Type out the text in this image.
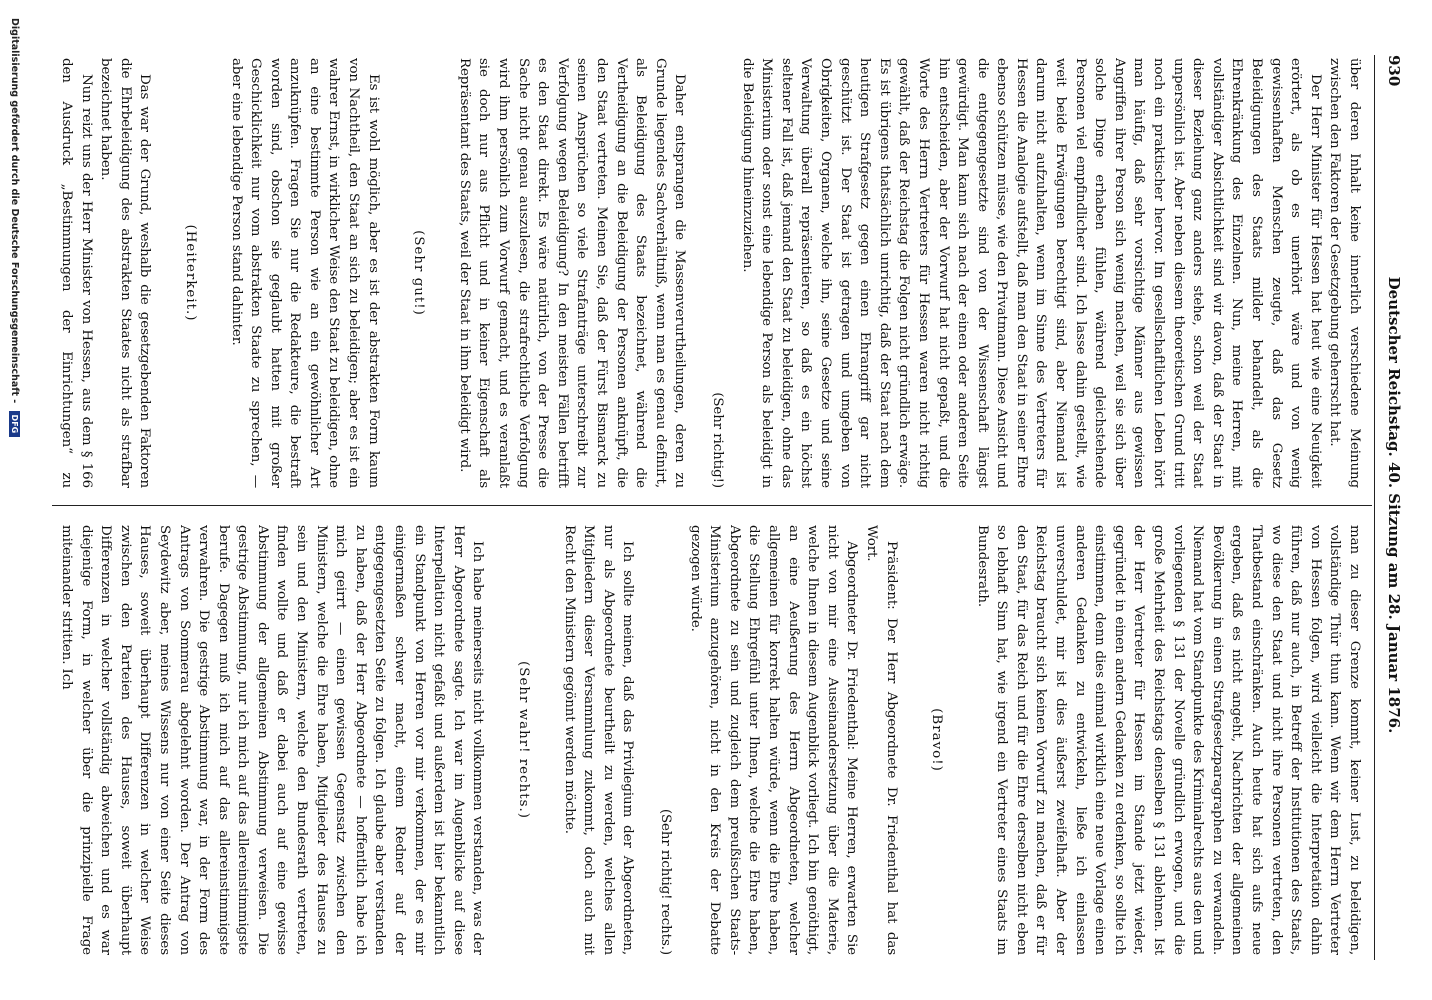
930
Deutscher Reichstag. 40. Sitzung am 28. Januar 1876.

über deren Inhalt keine innerlich verschiedene Meinung zwischen den Faktoren der Gesetzgebung geherrscht hat.

Der Herr Minister für Hessen hat heut wie eine Neuigkeit erörtert, als ob es unerhört wäre und von wenig gewissenhaften Menschen zeugte, daß das Gesetz Beleidigungen des Staats milder behandelt, als die Ehrenkränkung des Einzelnen. Nun, meine Herren, mit vollständiger Absichtlichkeit sind wir davon, daß der Staat in dieser Beziehung ganz anders stehe, schon weil der Staat unpersönlich ist. Aber neben diesem theoretischen Grund tritt noch ein praktischer hervor. Im gesellschaftlichen Leben hört man häufig, daß sehr vorsichtige Männer aus gewissen Angriffen ihrer Person sich wenig machen, weil sie sich über solche Dinge erhaben fühlen, während gleichstehende Personen viel empfindlicher sind. Ich lasse dahin gestellt, wie weit beide Erwägungen berechtigt sind, aber Niemand ist darum nicht aufzuhalten, wenn im Sinne des Vertreters für Hessen die Analogie aufstellt, daß man den Staat in seiner Ehre ebenso schützen müsse, wie den Privatmann. Diese Ansicht und die entgegengesetzte sind von der Wissenschaft längst gewürdigt. Man kann sich nach der einen oder anderen Seite hin entscheiden, aber der Vorwurf hat nicht gepaßt, und die Worte des Herrn Vertreters für Hessen waren nicht richtig gewählt, daß der Reichstag die Folgen nicht gründlich erwäge. Es ist übrigens thatsächlich unrichtig, daß der Staat nach dem heutigen Strafgesetz gegen einen Ehrangriff gar nicht geschützt ist. Der Staat ist getragen und umgeben von Obrigkeiten, Organen, welche ihn, seine Gesetze und seine Verwaltung überall repräsentieren, so daß es ein höchst seltener Fall ist, daß jemand den Staat zu beleidigen, ohne das Ministerium oder sonst eine lebendige Person als beleidigt in die Beleidigung hineinzuziehen.

(Sehr richtig!)

Daher entsprangen die Massenverurtheilungen, deren zu Grunde liegendes Sachverhältniß, wenn man es genau definirt, als Beleidigung des Staats bezeichnet, während die Vertheidigung an die Beleidigung der Personen anknüpft, die den Staat vertreten. Meinen Sie, daß der Fürst Bismarck zu seinen Ansprüchen so viele Strafanträge unterschreibt zur Verfolgung wegen Beleidigung? In den meisten Fällen betrifft es den Staat direkt. Es wäre natürlich, von der Presse die Sache nicht genau auszulesen, die strafrechtliche Verfolgung wird ihm persönlich zum Vorwurf gemacht, und es veranlaßt sie doch nur aus Pflicht und in keiner Eigenschaft als Repräsentant des Staats, weil der Staat in ihm beleidigt wird.

(Sehr gut!)

Es ist wohl möglich, aber es ist der abstrakten Form kaum von Nachtheil, den Staat an sich zu beleidigen; aber es ist ein wahrer Ernst, in wirklicher Weise den Staat zu beleidigen, ohne an eine bestimmte Person wie an ein gewöhnlicher Art anzuknüpfen. Fragen Sie nur die Redakteure, die bestraft worden sind, obschon sie geglaubt hatten mit großer Geschicklichkeit nur vom abstrakten Staate zu sprechen, — aber eine lebendige Person stand dahinter.

(Heiterkeit.)

Das war der Grund, weshalb die gesetzgebenden Faktoren die Ehrbeleidigung des abstrakten Staates nicht als strafbar bezeichnet haben.

Nun reizt uns der Herr Minister von Hessen, aus dem § 166 den Ausdruck „Bestimmungen der Einrichtungen“ zu

man zu dieser Grenze kommt, keiner Lust, zu beleidigen, vollständige Thür thun kann. Wenn wir dem Herrn Vertreter von Hessen folgen, wird vielleicht die Interpretation dahin führen, daß nur auch, in Betreff der Institutionen des Staats, wo diese den Staat und nicht ihre Personen vertreten, den Thatbestand einschränken. Auch heute hat sich aufs neue ergeben, daß es nicht angeht, Nachrichten der allgemeinen Bevölkerung in einen Strafgesetzparagraphen zu verwandeln. Niemand hat vom Standpunkte des Kriminalrechts aus den und vorliegenden § 131 der Novelle gründlich erwogen, und die große Mehrheit des Reichstags denselben § 131 ablehnen. Ist der Herr Vertreter für Hessen im Stande jetzt wieder, gegründet in einen andern Gedanken zu erdenken, so sollte ich einstimmen, denn dies einmal wirklich eine neue Vorlage einen anderen Gedanken zu entwickeln, ließe ich einlassen unverschuldet, mir ist dies äußerst zweifelhaft. Aber der Reichstag braucht sich keinen Vorwurf zu machen, daß er für den Staat, für das Reich und für die Ehre derselben nicht eben so lebhaft Sinn hat, wie irgend ein Vertreter eines Staats im Bundesrath.

(Bravo!)

Präsident: Der Herr Abgeordnete Dr. Friedenthal hat das Wort.

Abgeordneter Dr. Friedenthal: Meine Herren, erwarten Sie nicht von mir eine Auseinandersetzung über die Materie, welche Ihnen in diesem Augenblick vorliegt. Ich bin genöthigt, an eine Aeußerung des Herrn Abgeordneten, welcher allgemeinen für korrekt halten würde, wenn die Ehre haben, die Stellung Ehrgefühl unter Ihnen, welche die Ehre haben, Abgeordnete zu sein und zugleich dem preußischen Staats-Ministerium anzugehören, nicht in den Kreis der Debatte gezogen würde.

(Sehr richtig! rechts.)

Ich sollte meinen, daß das Privilegium der Abgeordneten, nur als Abgeordnete beurtheilt zu werden, welches allen Mitgliedern dieser Versammlung zukommt, doch auch mit Recht den Ministern gegönnt werden möchte.

(Sehr wahr! rechts.)

Ich habe meinerseits nicht vollkommen verstanden, was der Herr Abgeordnete sagte. Ich war im Augenblicke auf diese Interpellation nicht gefaßt und außerdem ist hier bekanntlich ein Standpunkt von Herren vor mir verkommen, der es mir einigermaßen schwer macht, einem Redner auf der entgegengesetzten Seite zu folgen. Ich glaube aber verstanden zu haben, daß der Herr Abgeordnete — hoffentlich habe ich mich geirrt — einen gewissen Gegensatz zwischen den Ministern, welche die Ehre haben, Mitglieder des Hauses zu sein und den Ministern, welche den Bundesrath vertreten, finden wollte und daß er dabei auch auf eine gewisse Abstimmung der allgemeinen Abstimmung verweisen. Die gestrige Abstimmung, nur ich mich auf das allereinstimmigste berufe. Dagegen muß ich mich auf das allereinstimmigste verwahren. Die gestrige Abstimmung war, in der Form des Antrags von Sommerau abgelehnt worden. Der Antrag von Seydewitz aber, meines Wissens nur von einer Seite dieses Hauses, soweit überhaupt Differenzen in welcher Weise zwischen den Parteien des Hauses, soweit überhaupt Differenzen in welcher vollständig abweichen und es war diejenige Form, in welcher über die prinzipielle Frage miteinander stritten. Ich

Digitalisierung gefördert durch die Deutsche Forschungsgemeinschaft - DFG
